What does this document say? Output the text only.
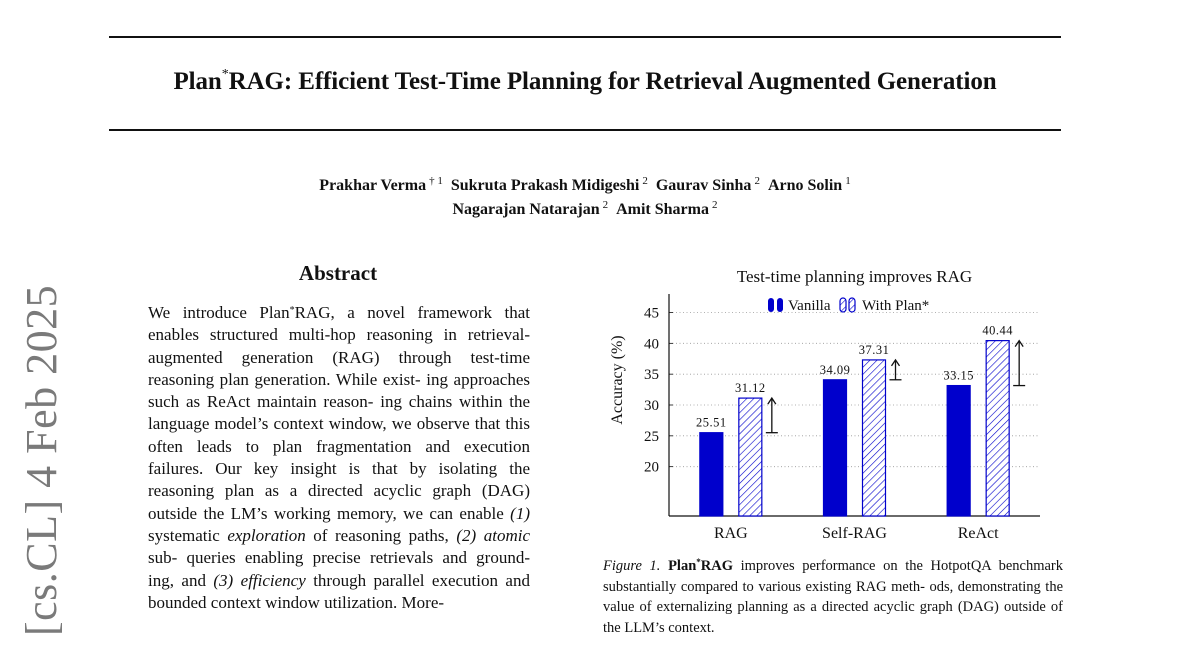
Plan*RAG: Efficient Test-Time Planning for Retrieval Augmented Generation
Prakhar Verma $^{\dagger 1}$ Sukruta Prakash Midigeshi $^2$ Gaurav Sinha $^2$ Arno Solin $^1$
Nagarajan Natarajan $^2$ Amit Sharma $^2$
[cs.CL] 4 Feb 2025
Abstract
We introduce Plan*RAG, a novel framework that enables structured multi-hop reasoning in retrieval-augmented generation (RAG) through test-time reasoning plan generation. While exist- ing approaches such as ReAct maintain reason- ing chains within the language model’s context window, we observe that this often leads to plan fragmentation and execution failures. Our key insight is that by isolating the reasoning plan as a directed acyclic graph (DAG) outside the LM’s working memory, we can enable (1) systematic exploration of reasoning paths, (2) atomic sub- queries enabling precise retrievals and ground- ing, and (3) efficiency through parallel execution and bounded context window utilization. More-
Test-time planning improves RAG
20
25
30
35
40
45
Accuracy (%)	25.51
31.12
RAG
34.09
37.31
Self-RAG
33.15
40.44
ReAct
Vanilla With Plan*
Figure 1. Plan*RAG improves performance on the HotpotQA benchmark substantially compared to various existing RAG meth- ods, demonstrating the value of externalizing planning as a directed acyclic graph (DAG) outside of the LLM’s context.
